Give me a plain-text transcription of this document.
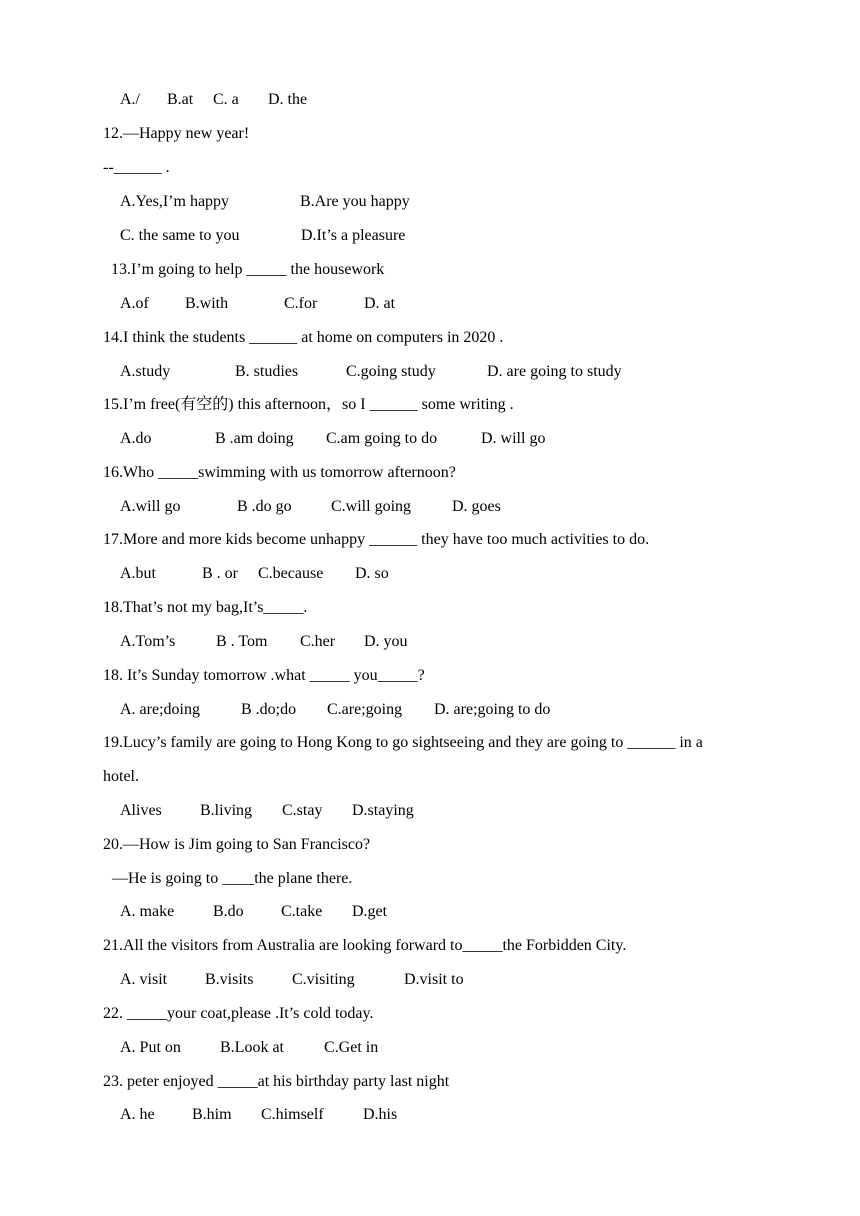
A./ B.at C. a D. the
12.—Happy new year!
--______ .
A.Yes,I’m happy	B.Are you happy
C. the same to you	D.It’s a pleasure
13.I’m going to help _____ the housework
A.of B.with	C.for	D. at
14.I think the students ______ at home on computers in 2020 .
A.study	B. studies	C.going study	D. are going to study
15.I’m free(有空的) this afternoon，so I ______ some writing .
A.do	B .am doing C.am going to do	D. will go
16.Who _____swimming with us tomorrow afternoon?
A.will go	B .do go C.will going	D. goes
17.More and more kids become unhappy ______ they have too much activities to do.
A.but	B . or C.because D. so
18.That’s not my bag,It’s_____.
A.Tom’s	B . Tom C.her D. you
18. It’s Sunday tomorrow .what _____ you_____?
A. are;doing	B .do;do C.are;going D. are;going to do
19.Lucy’s family are going to Hong Kong to go sightseeing and they are going to ______ in a
hotel.
Alives B.living C.stay D.staying
20.—How is Jim going to San Francisco?
—He is going to ____the plane there.
A. make B.do C.take D.get
21.All the visitors from Australia are looking forward to_____the Forbidden City.
A. visit B.visits C.visiting	D.visit to
22. _____your coat,please .It’s cold today.
A. Put on B.Look at	C.Get in
23. peter enjoyed _____at his birthday party last night
A. he B.him C.himself D.his
